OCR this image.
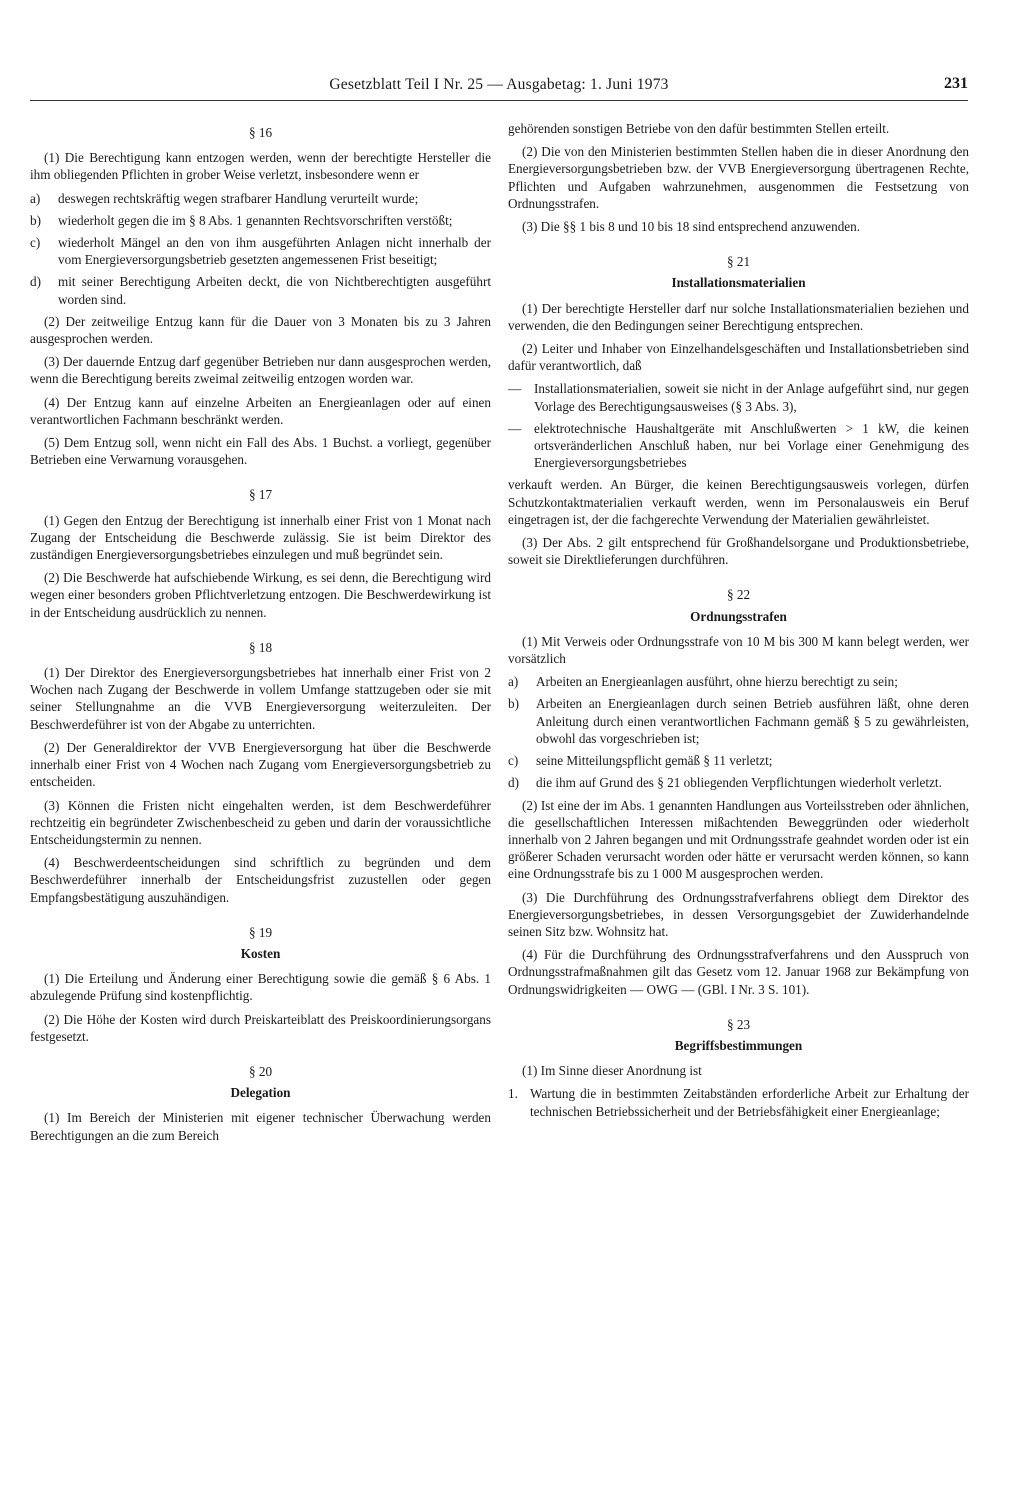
Gesetzblatt Teil I Nr. 25 — Ausgabetag: 1. Juni 1973	231
§ 16

(1) Die Berechtigung kann entzogen werden, wenn der berechtigte Hersteller die ihm obliegenden Pflichten in grober Weise verletzt, insbesondere wenn er

a)	deswegen rechtskräftig wegen strafbarer Handlung verurteilt wurde;
b)	wiederholt gegen die im § 8 Abs. 1 genannten Rechtsvorschriften verstößt;
c)	wiederholt Mängel an den von ihm ausgeführten Anlagen nicht innerhalb der vom Energieversorgungsbetrieb gesetzten angemessenen Frist beseitigt;
d)	mit seiner Berechtigung Arbeiten deckt, die von Nichtberechtigten ausgeführt worden sind.

(2) Der zeitweilige Entzug kann für die Dauer von 3 Monaten bis zu 3 Jahren ausgesprochen werden.

(3) Der dauernde Entzug darf gegenüber Betrieben nur dann ausgesprochen werden, wenn die Berechtigung bereits zweimal zeitweilig entzogen worden war.

(4) Der Entzug kann auf einzelne Arbeiten an Energieanlagen oder auf einen verantwortlichen Fachmann beschränkt werden.

(5) Dem Entzug soll, wenn nicht ein Fall des Abs. 1 Buchst. a vorliegt, gegenüber Betrieben eine Verwarnung vorausgehen.

§ 17

(1) Gegen den Entzug der Berechtigung ist innerhalb einer Frist von 1 Monat nach Zugang der Entscheidung die Beschwerde zulässig. Sie ist beim Direktor des zuständigen Energieversorgungsbetriebes einzulegen und muß begründet sein.

(2) Die Beschwerde hat aufschiebende Wirkung, es sei denn, die Berechtigung wird wegen einer besonders groben Pflichtverletzung entzogen. Die Beschwerdewirkung ist in der Entscheidung ausdrücklich zu nennen.

§ 18

(1) Der Direktor des Energieversorgungsbetriebes hat innerhalb einer Frist von 2 Wochen nach Zugang der Beschwerde in vollem Umfange stattzugeben oder sie mit seiner Stellungnahme an die VVB Energieversorgung weiterzuleiten. Der Beschwerdeführer ist von der Abgabe zu unterrichten.

(2) Der Generaldirektor der VVB Energieversorgung hat über die Beschwerde innerhalb einer Frist von 4 Wochen nach Zugang vom Energieversorgungsbetrieb zu entscheiden.

(3) Können die Fristen nicht eingehalten werden, ist dem Beschwerdeführer rechtzeitig ein begründeter Zwischenbescheid zu geben und darin der voraussichtliche Entscheidungstermin zu nennen.

(4) Beschwerdeentscheidungen sind schriftlich zu begründen und dem Beschwerdeführer innerhalb der Entscheidungsfrist zuzustellen oder gegen Empfangsbestätigung auszuhändigen.

§ 19
Kosten

(1) Die Erteilung und Änderung einer Berechtigung sowie die gemäß § 6 Abs. 1 abzulegende Prüfung sind kostenpflichtig.

(2) Die Höhe der Kosten wird durch Preiskarteiblatt des Preiskoordinierungsorgans festgesetzt.

§ 20
Delegation

(1) Im Bereich der Ministerien mit eigener technischer Überwachung werden Berechtigungen an die zum Bereich

gehörenden sonstigen Betriebe von den dafür bestimmten Stellen erteilt.

(2) Die von den Ministerien bestimmten Stellen haben die in dieser Anordnung den Energieversorgungsbetrieben bzw. der VVB Energieversorgung übertragenen Rechte, Pflichten und Aufgaben wahrzunehmen, ausgenommen die Festsetzung von Ordnungsstrafen.

(3) Die §§ 1 bis 8 und 10 bis 18 sind entsprechend anzuwenden.

§ 21
Installationsmaterialien

(1) Der berechtigte Hersteller darf nur solche Installationsmaterialien beziehen und verwenden, die den Bedingungen seiner Berechtigung entsprechen.

(2) Leiter und Inhaber von Einzelhandelsgeschäften und Installationsbetrieben sind dafür verantwortlich, daß

— Installationsmaterialien, soweit sie nicht in der Anlage aufgeführt sind, nur gegen Vorlage des Berechtigungsausweises (§ 3 Abs. 3),
— elektrotechnische Haushaltgeräte mit Anschlußwerten > 1 kW, die keinen ortsveränderlichen Anschluß haben, nur bei Vorlage einer Genehmigung des Energieversorgungsbetriebes

verkauft werden. An Bürger, die keinen Berechtigungsausweis vorlegen, dürfen Schutzkontaktmaterialien verkauft werden, wenn im Personalausweis ein Beruf eingetragen ist, der die fachgerechte Verwendung der Materialien gewährleistet.

(3) Der Abs. 2 gilt entsprechend für Großhandelsorgane und Produktionsbetriebe, soweit sie Direktlieferungen durchführen.

§ 22
Ordnungsstrafen

(1) Mit Verweis oder Ordnungsstrafe von 10 M bis 300 M kann belegt werden, wer vorsätzlich

a)	Arbeiten an Energieanlagen ausführt, ohne hierzu berechtigt zu sein;
b)	Arbeiten an Energieanlagen durch seinen Betrieb ausführen läßt, ohne deren Anleitung durch einen verantwortlichen Fachmann gemäß § 5 zu gewährleisten, obwohl das vorgeschrieben ist;
c)	seine Mitteilungspflicht gemäß § 11 verletzt;
d)	die ihm auf Grund des § 21 obliegenden Verpflichtungen wiederholt verletzt.

(2) Ist eine der im Abs. 1 genannten Handlungen aus Vorteilsstreben oder ähnlichen, die gesellschaftlichen Interessen mißachtenden Beweggründen oder wiederholt innerhalb von 2 Jahren begangen und mit Ordnungsstrafe geahndet worden oder ist ein größerer Schaden verursacht worden oder hätte er verursacht werden können, so kann eine Ordnungsstrafe bis zu 1 000 M ausgesprochen werden.

(3) Die Durchführung des Ordnungsstrafverfahrens obliegt dem Direktor des Energieversorgungsbetriebes, in dessen Versorgungsgebiet der Zuwiderhandelnde seinen Sitz bzw. Wohnsitz hat.

(4) Für die Durchführung des Ordnungsstrafverfahrens und den Ausspruch von Ordnungsstrafmaßnahmen gilt das Gesetz vom 12. Januar 1968 zur Bekämpfung von Ordnungswidrigkeiten — OWG — (GBl. I Nr. 3 S. 101).

§ 23
Begriffsbestimmungen

(1) Im Sinne dieser Anordnung ist

1. Wartung die in bestimmten Zeitabständen erforderliche Arbeit zur Erhaltung der technischen Betriebssicherheit und der Betriebsfähigkeit einer Energieanlage;
